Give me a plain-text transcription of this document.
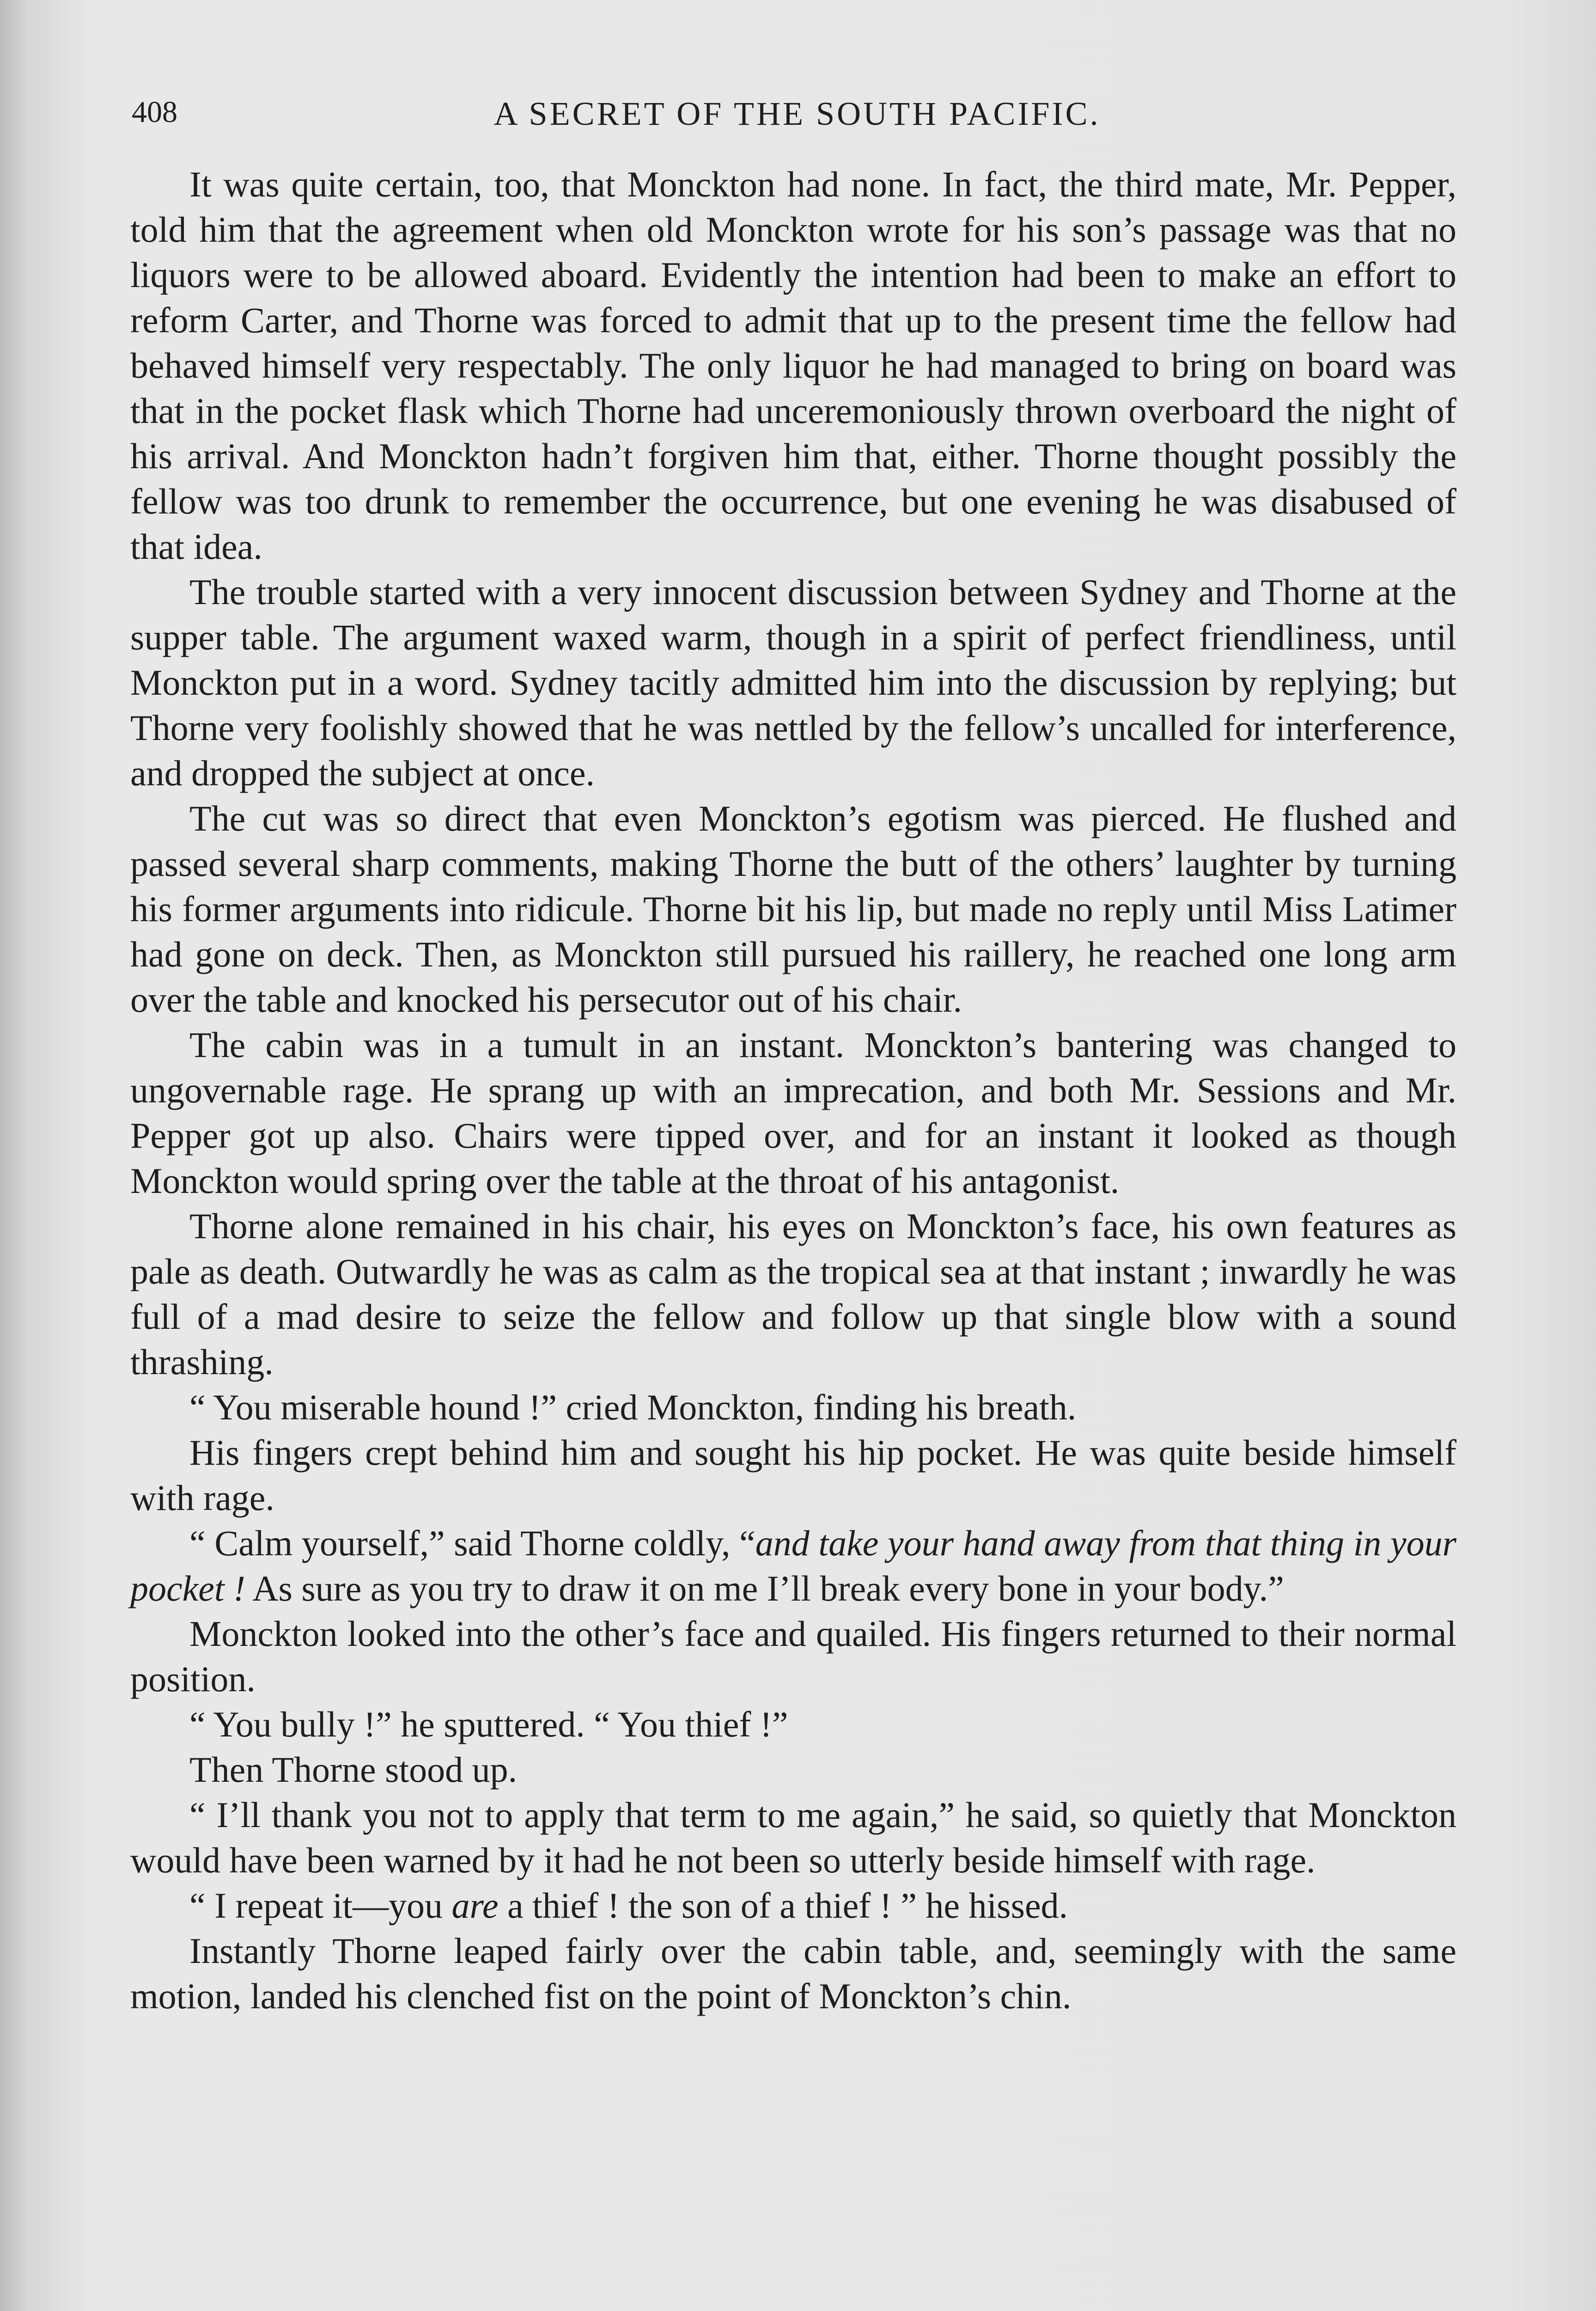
408	A SECRET OF THE SOUTH PACIFIC.

It was quite certain, too, that Monckton had none. In fact, the third mate, Mr. Pepper, told him that the agreement when old Monckton wrote for his son’s passage was that no liquors were to be allowed aboard. Evidently the intention had been to make an effort to reform Carter, and Thorne was forced to admit that up to the present time the fellow had behaved himself very respectably. The only liquor he had managed to bring on board was that in the pocket flask which Thorne had unceremoniously thrown overboard the night of his arrival. And Monckton hadn’t forgiven him that, either. Thorne thought possibly the fellow was too drunk to remember the occurrence, but one evening he was disabused of that idea.

The trouble started with a very innocent discussion between Sydney and Thorne at the supper table. The argument waxed warm, though in a spirit of perfect friendliness, until Monckton put in a word. Sydney tacitly admitted him into the discussion by replying; but Thorne very foolishly showed that he was nettled by the fellow’s uncalled for interference, and dropped the subject at once.

The cut was so direct that even Monckton’s egotism was pierced. He flushed and passed several sharp comments, making Thorne the butt of the others’ laughter by turning his former arguments into ridicule. Thorne bit his lip, but made no reply until Miss Latimer had gone on deck. Then, as Monckton still pursued his raillery, he reached one long arm over the table and knocked his persecutor out of his chair.

The cabin was in a tumult in an instant. Monckton’s bantering was changed to ungovernable rage. He sprang up with an imprecation, and both Mr. Sessions and Mr. Pepper got up also. Chairs were tipped over, and for an instant it looked as though Monckton would spring over the table at the throat of his antagonist.

Thorne alone remained in his chair, his eyes on Monckton’s face, his own features as pale as death. Outwardly he was as calm as the tropical sea at that instant ; inwardly he was full of a mad desire to seize the fellow and follow up that single blow with a sound thrashing.

“ You miserable hound !” cried Monckton, finding his breath.

His fingers crept behind him and sought his hip pocket. He was quite beside himself with rage.

“ Calm yourself,” said Thorne coldly, “and take your hand away from that thing in your pocket ! As sure as you try to draw it on me I’ll break every bone in your body.”

Monckton looked into the other’s face and quailed. His fingers returned to their normal position.

“ You bully !” he sputtered. “ You thief !”

Then Thorne stood up.

“ I’ll thank you not to apply that term to me again,” he said, so quietly that Monckton would have been warned by it had he not been so utterly beside himself with rage.

“ I repeat it—you are a thief ! the son of a thief ! ” he hissed.

Instantly Thorne leaped fairly over the cabin table, and, seemingly with the same motion, landed his clenched fist on the point of Monckton’s chin.
